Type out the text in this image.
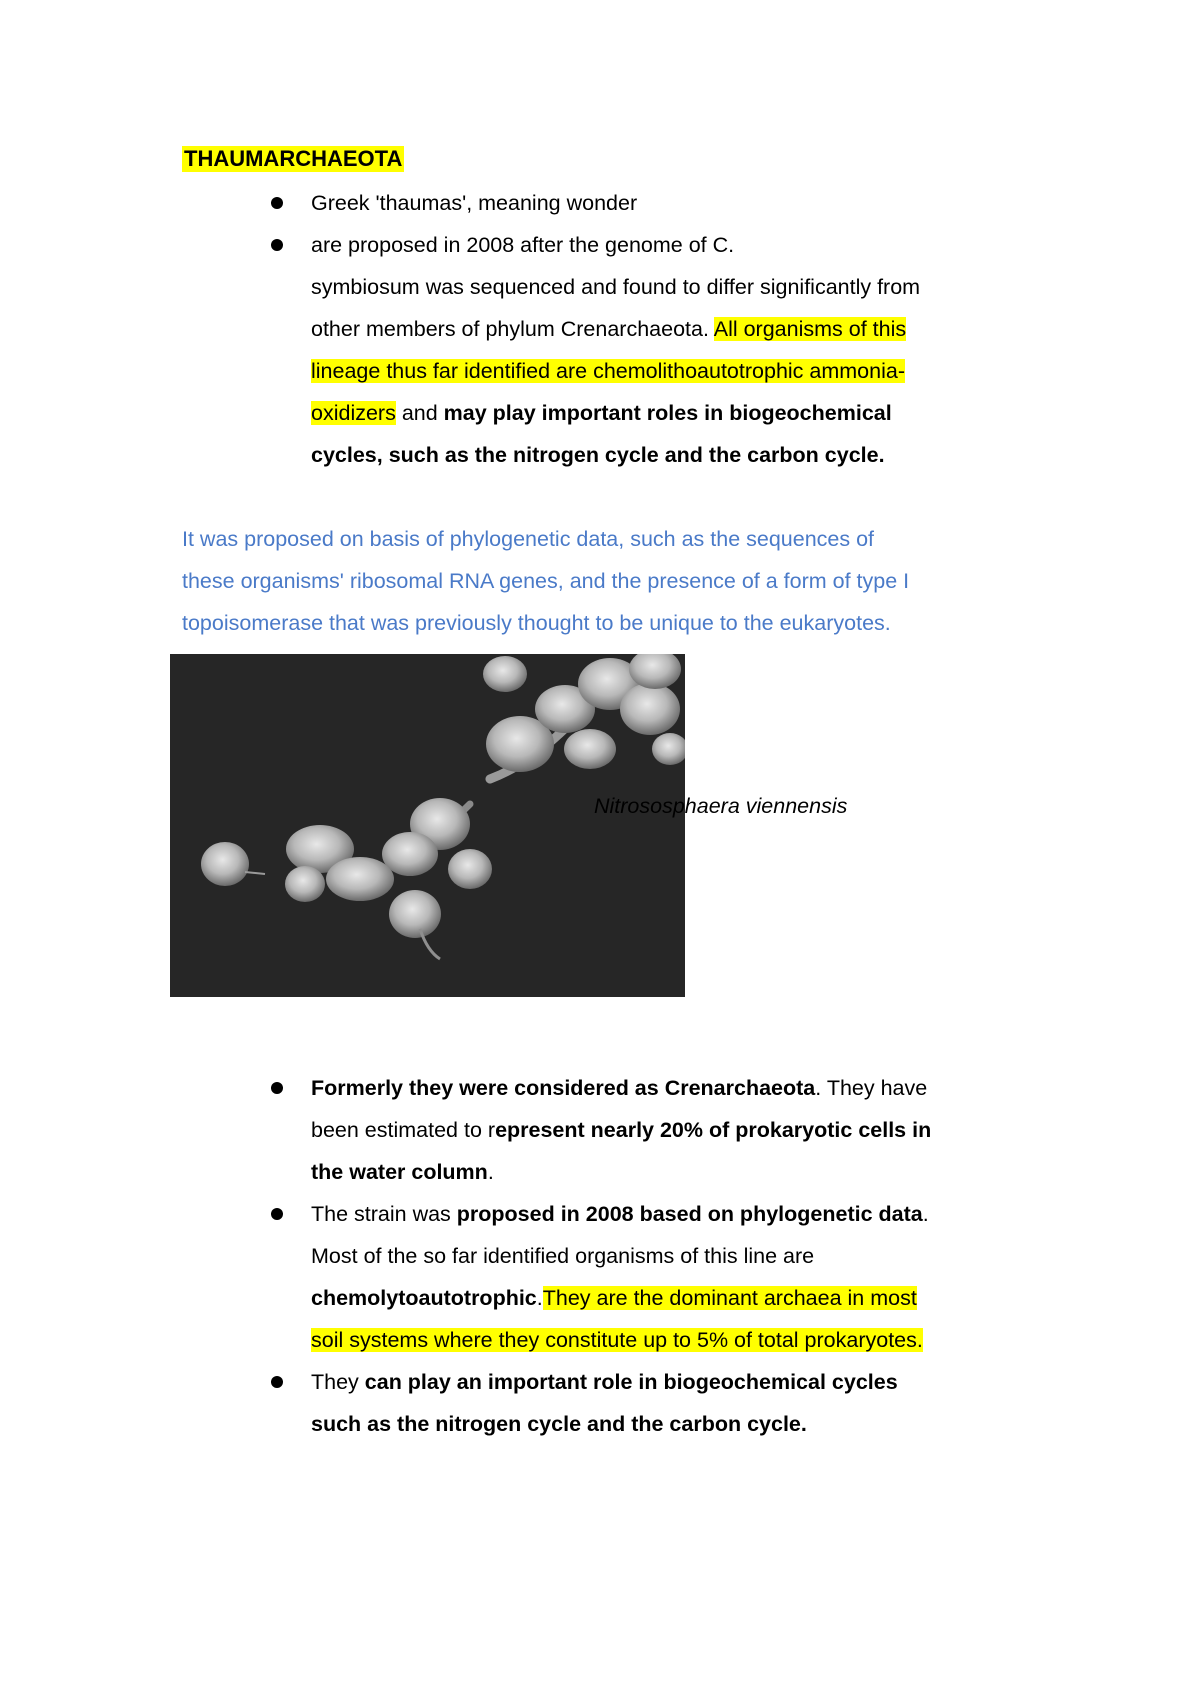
THAUMARCHAEOTA
Greek 'thaumas', meaning wonder
are proposed in 2008 after the genome of C.
symbiosum was sequenced and found to differ significantly from
other members of phylum Crenarchaeota. All organisms of this
lineage thus far identified are chemolithoautotrophic ammonia-
oxidizers and may play important roles in biogeochemical
cycles, such as the nitrogen cycle and the carbon cycle.
It was proposed on basis of phylogenetic data, such as the sequences of
these organisms' ribosomal RNA genes, and the presence of a form of type I
topoisomerase that was previously thought to be unique to the eukaryotes.
Nitrososphaera viennensis
Formerly they were considered as Crenarchaeota. They have
been estimated to represent nearly 20% of prokaryotic cells in
the water column.
The strain was proposed in 2008 based on phylogenetic data.
Most of the so far identified organisms of this line are
chemolytoautotrophic.They are the dominant archaea in most
soil systems where they constitute up to 5% of total prokaryotes.
They can play an important role in biogeochemical cycles
such as the nitrogen cycle and the carbon cycle.
